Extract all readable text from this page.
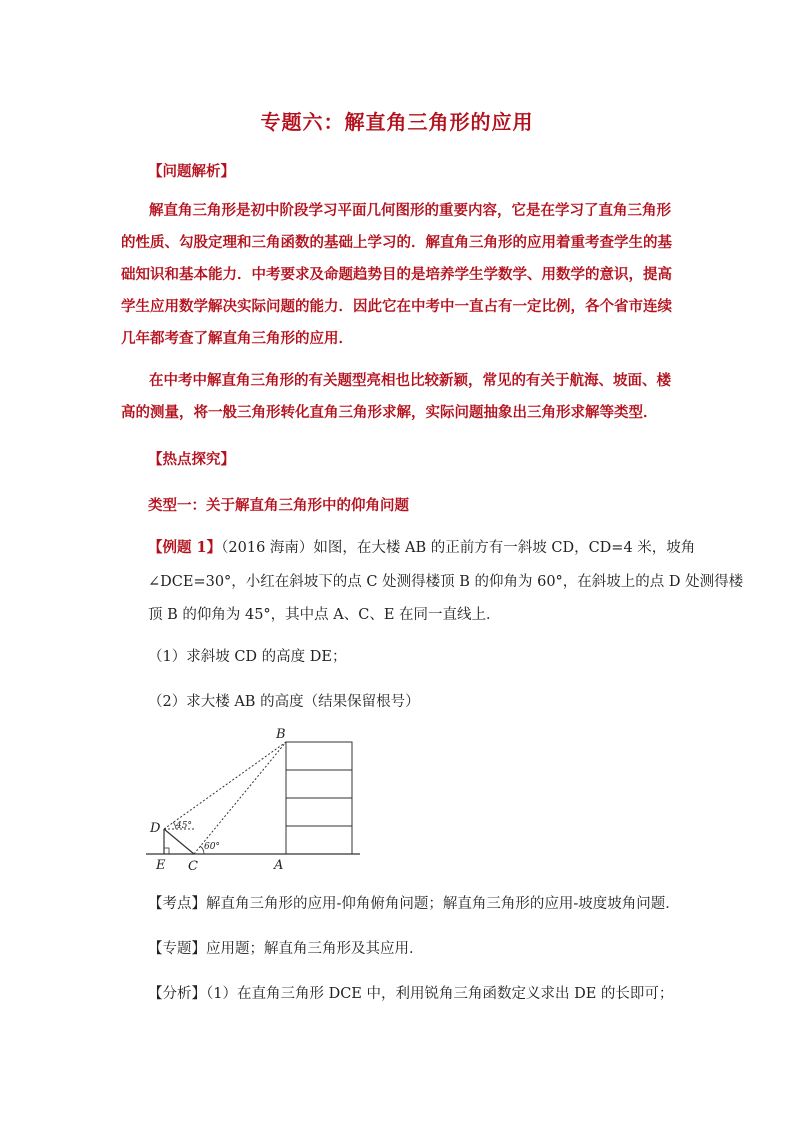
专题六：解直角三角形的应用
【问题解析】

解直角三角形是初中阶段学习平面几何图形的重要内容，它是在学习了直角三角形的性质、勾股定理和三角函数的基础上学习的．解直角三角形的应用着重考查学生的基础知识和基本能力．中考要求及命题趋势目的是培养学生学数学、用数学的意识，提高学生应用数学解决实际问题的能力．因此它在中考中一直占有一定比例，各个省市连续几年都考查了解直角三角形的应用．

在中考中解直角三角形的有关题型亮相也比较新颖，常见的有关于航海、坡面、楼高的测量，将一般三角形转化直角三角形求解，实际问题抽象出三角形求解等类型．

【热点探究】
类型一：关于解直角三角形中的仰角问题
【例题 1】（2016 海南）如图，在大楼 AB 的正前方有一斜坡 CD，CD=4 米，坡角
∠DCE=30°，小红在斜坡下的点 C 处测得楼顶 B 的仰角为 60°，在斜坡上的点 D 处测得楼
顶 B 的仰角为 45°，其中点 A、C、E 在同一直线上．
（1）求斜坡 CD 的高度 DE；
（2）求大楼 AB 的高度（结果保留根号）
B
D
E C	A
45°
60°
【考点】解直角三角形的应用-仰角俯角问题；解直角三角形的应用-坡度坡角问题．
【专题】应用题；解直角三角形及其应用．
【分析】（1）在直角三角形 DCE 中，利用锐角三角函数定义求出 DE 的长即可；
